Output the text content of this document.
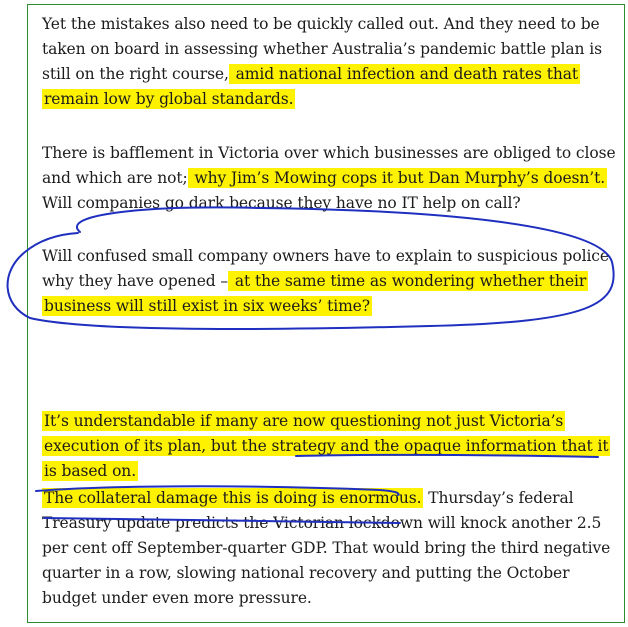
Yet the mistakes also need to be quickly called out. And they need to be taken on board in assessing whether Australia’s pandemic battle plan is still on the right course, amid national infection and death rates that remain low by global standards.

There is bafflement in Victoria over which businesses are obliged to close and which are not; why Jim’s Mowing cops it but Dan Murphy’s doesn’t. Will companies go dark because they have no IT help on call?

Will confused small company owners have to explain to suspicious police why they have opened – at the same time as wondering whether their business will still exist in six weeks’ time?

It’s understandable if many are now questioning not just Victoria’s execution of its plan, but the strategy and the opaque information that it is based on.

The collateral damage this is doing is enormous. Thursday’s federal Treasury update predicts the Victorian lockdown will knock another 2.5 per cent off September-quarter GDP. That would bring the third negative quarter in a row, slowing national recovery and putting the October budget under even more pressure.
